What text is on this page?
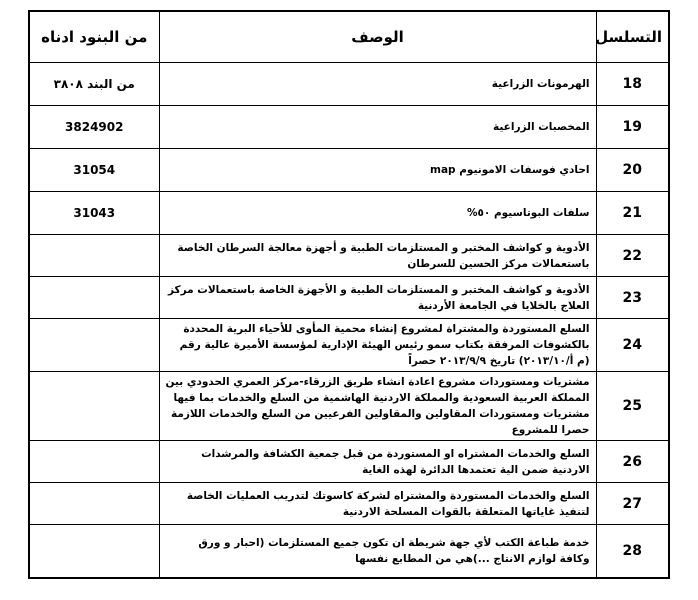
التسلسل	الوصف	من البنود ادناه
18	الهرمونات الزراعية	من البند ٣٨٠٨
19	المخصبات الزراعية	3824902
20	احادي فوسفات الامونيوم map	31054
21	سلفات البوتاسيوم ٥٠%	31043
22	الأدوية و كواشف المختبر و المستلزمات الطبية و أجهزة معالجة السرطان الخاصة باستعمالات مركز الحسين للسرطان	
23	الأدوية و كواشف المختبر و المستلزمات الطبية و الأجهزة الخاصة باستعمالات مركز العلاج بالخلايا في الجامعة الأردنية	
24	السلع المستوردة والمشتراة لمشروع إنشاء محمية المأوى للأحياء البرية المحددة بالكشوفات المرفقة بكتاب سمو رئيس الهيئة الإدارية لمؤسسة الأميرة عالية رقم (م أ/٢٠١٣/١٠) تاريخ ٢٠١٣/٩/٩ حصراً	
25	مشتريات ومستوردات مشروع اعادة انشاء طريق الزرقاء-مركز العمري الحدودي بين المملكة العربية السعودية والمملكة الاردنية الهاشمية من السلع والخدمات بما فيها مشتريات ومستوردات المقاولين والمقاولين الفرعيين من السلع والخدمات اللازمة حصرا للمشروع	
26	السلع والخدمات المشتراه او المستوردة من قبل جمعية الكشافة والمرشدات الاردنية ضمن الية تعتمدها الدائرة لهذه الغاية	
27	السلع والخدمات المستوردة والمشتراه لشركة كاسوتك لتدريب العمليات الخاصة لتنفيذ غاياتها المتعلقة بالقوات المسلحة الاردنية	
28	خدمة طباعة الكتب لأي جهة شريطة ان تكون جميع المستلزمات (احبار و ورق وكافة لوازم الانتاج ...)هي من المطابع نفسها	
